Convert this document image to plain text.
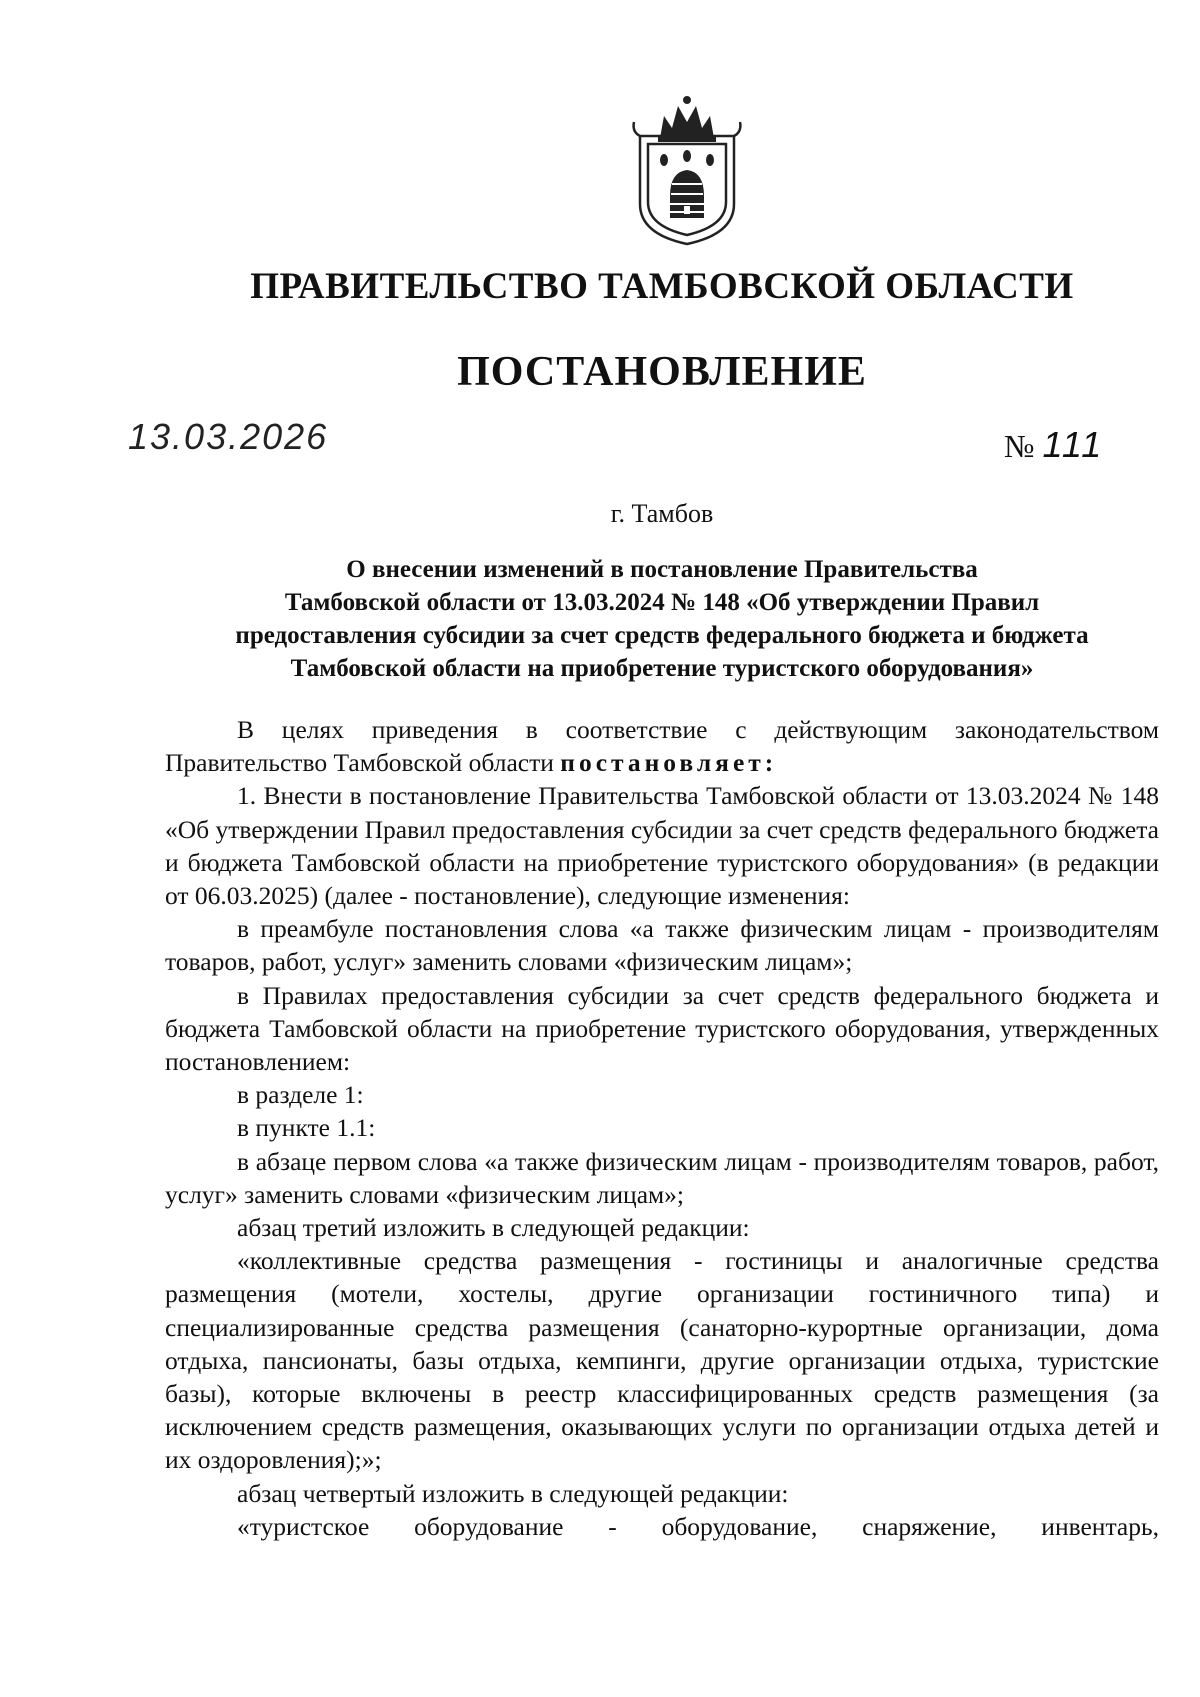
ПРАВИТЕЛЬСТВО ТАМБОВСКОЙ ОБЛАСТИ
ПОСТАНОВЛЕНИЕ
13.03.2026	№ 111
г. Тамбов
О внесении изменений в постановление Правительства
Тамбовской области от 13.03.2024 № 148 «Об утверждении Правил
предоставления субсидии за счет средств федерального бюджета и бюджета
Тамбовской области на приобретение туристского оборудования»

В целях приведения в соответствие с действующим законодательством Правительство Тамбовской области постановляет:

1. Внести в постановление Правительства Тамбовской области от 13.03.2024 № 148 «Об утверждении Правил предоставления субсидии за счет средств федерального бюджета и бюджета Тамбовской области на приобретение туристского оборудования» (в редакции от 06.03.2025) (далее - постановление), следующие изменения:

в преамбуле постановления слова «а также физическим лицам - производителям товаров, работ, услуг» заменить словами «физическим лицам»;

в Правилах предоставления субсидии за счет средств федерального бюджета и бюджета Тамбовской области на приобретение туристского оборудования, утвержденных постановлением:

в разделе 1:

в пункте 1.1:

в абзаце первом слова «а также физическим лицам - производителям товаров, работ, услуг» заменить словами «физическим лицам»;

абзац третий изложить в следующей редакции:

«коллективные средства размещения - гостиницы и аналогичные средства размещения (мотели, хостелы, другие организации гостиничного типа) и специализированные средства размещения (санаторно-курортные организации, дома отдыха, пансионаты, базы отдыха, кемпинги, другие организации отдыха, туристские базы), которые включены в реестр классифицированных средств размещения (за исключением средств размещения, оказывающих услуги по организации отдыха детей и их оздоровления);»;

абзац четвертый изложить в следующей редакции:

«туристское оборудование - оборудование, снаряжение, инвентарь,
